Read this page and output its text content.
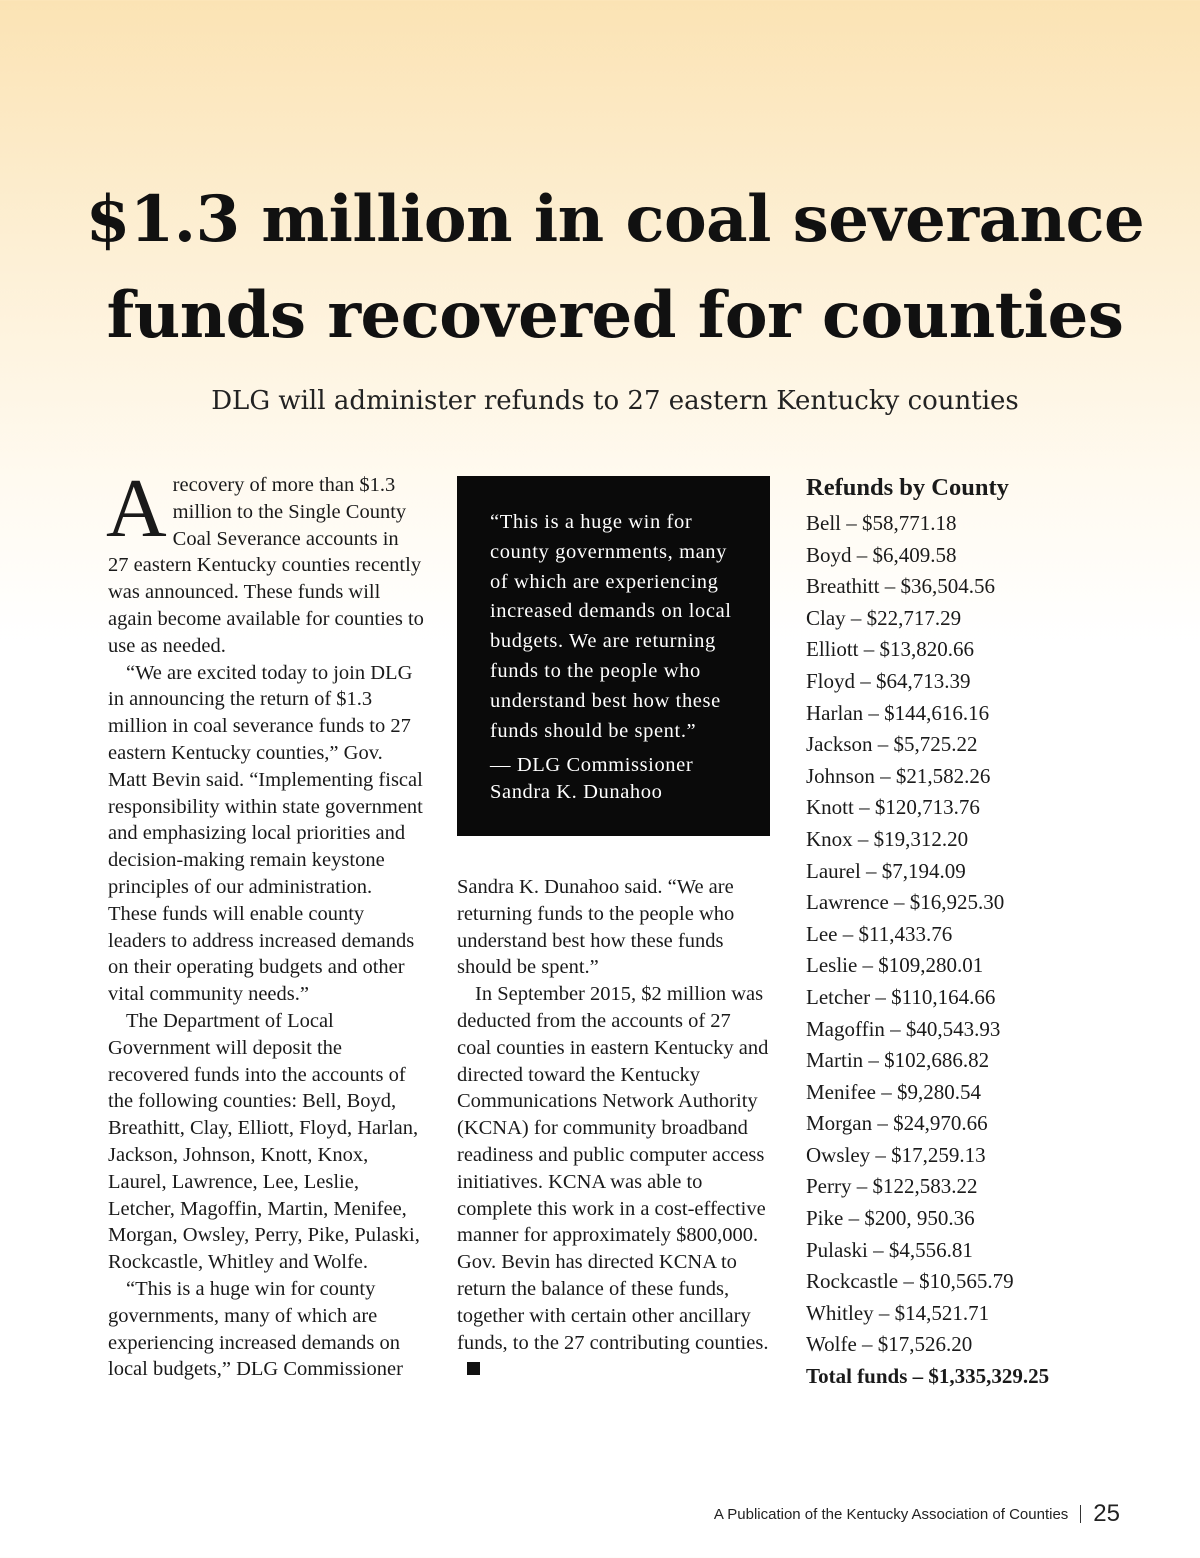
$1.3 million in coal severance
funds recovered for counties
DLG will administer refunds to 27 eastern Kentucky counties

Arecovery of more than $1.3 million to the Single County Coal Severance accounts in 27 eastern Kentucky counties recently was announced. These funds will again become available for counties to use as needed.

“We are excited today to join DLG in announcing the return of $1.3 million in coal severance funds to 27 eastern Kentucky counties,” Gov. Matt Bevin said. “Implementing fiscal responsibility within state government and emphasizing local priorities and decision-making remain keystone principles of our administration. These funds will enable county leaders to address increased demands on their operating budgets and other vital community needs.”

The Department of Local Government will deposit the recovered funds into the accounts of the following counties: Bell, Boyd, Breathitt, Clay, Elliott, Floyd, Harlan, Jackson, Johnson, Knott, Knox, Laurel, Lawrence, Lee, Leslie, Letcher, Magoffin, Martin, Menifee, Morgan, Owsley, Perry, Pike, Pulaski, Rockcastle, Whitley and Wolfe.

“This is a huge win for county governments, many of which are experiencing increased demands on local budgets,” DLG Commissioner

“This is a huge win for county governments, many of which are experiencing increased demands on local budgets. We are returning funds to the people who understand best how these funds should be spent.”

— DLG Commissioner
Sandra K. Dunahoo

Sandra K. Dunahoo said. “We are returning funds to the people who understand best how these funds should be spent.”

In September 2015, $2 million was deducted from the accounts of 27 coal counties in eastern Kentucky and directed toward the Kentucky Communications Network Authority (KCNA) for community broadband readiness and public computer access initiatives. KCNA was able to complete this work in a cost-effective manner for approximately $800,000. Gov. Bevin has directed KCNA to return the balance of these funds, together with certain other ancillary funds, to the 27 contributing counties.

Refunds by County
Bell – $58,771.18
Boyd – $6,409.58
Breathitt – $36,504.56
Clay – $22,717.29
Elliott – $13,820.66
Floyd – $64,713.39
Harlan – $144,616.16
Jackson – $5,725.22
Johnson – $21,582.26
Knott – $120,713.76
Knox – $19,312.20
Laurel – $7,194.09
Lawrence – $16,925.30
Lee – $11,433.76
Leslie – $109,280.01
Letcher – $110,164.66
Magoffin – $40,543.93
Martin – $102,686.82
Menifee – $9,280.54
Morgan – $24,970.66
Owsley – $17,259.13
Perry – $122,583.22
Pike – $200, 950.36
Pulaski – $4,556.81
Rockcastle – $10,565.79
Whitley – $14,521.71
Wolfe – $17,526.20
Total funds – $1,335,329.25
A Publication of the Kentucky Association of Counties 25
